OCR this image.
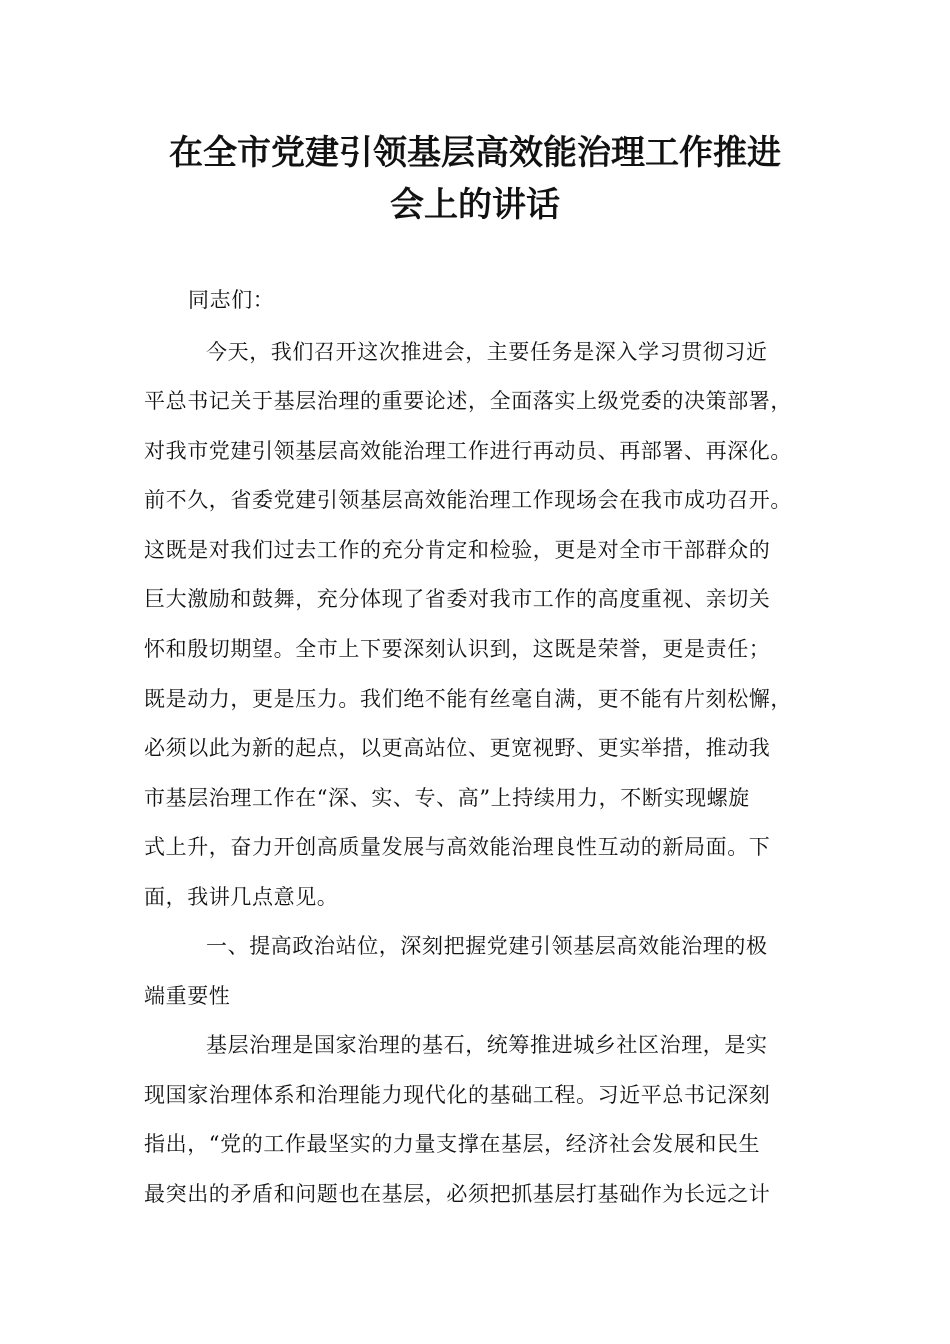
在全市党建引领基层高效能治理工作推进
会上的讲话
同志们：
今天，我们召开这次推进会，主要任务是深入学习贯彻习近
平总书记关于基层治理的重要论述，全面落实上级党委的决策部署，
对我市党建引领基层高效能治理工作进行再动员、再部署、再深化。
前不久，省委党建引领基层高效能治理工作现场会在我市成功召开。
这既是对我们过去工作的充分肯定和检验，更是对全市干部群众的
巨大激励和鼓舞，充分体现了省委对我市工作的高度重视、亲切关
怀和殷切期望。全市上下要深刻认识到，这既是荣誉，更是责任；
既是动力，更是压力。我们绝不能有丝毫自满，更不能有片刻松懈，
必须以此为新的起点，以更高站位、更宽视野、更实举措，推动我
市基层治理工作在“深、实、专、高”上持续用力，不断实现螺旋
式上升，奋力开创高质量发展与高效能治理良性互动的新局面。下
面，我讲几点意见。
一、提高政治站位，深刻把握党建引领基层高效能治理的极
端重要性
基层治理是国家治理的基石，统筹推进城乡社区治理，是实
现国家治理体系和治理能力现代化的基础工程。习近平总书记深刻
指出，“党的工作最坚实的力量支撑在基层，经济社会发展和民生
最突出的矛盾和问题也在基层，必须把抓基层打基础作为长远之计
